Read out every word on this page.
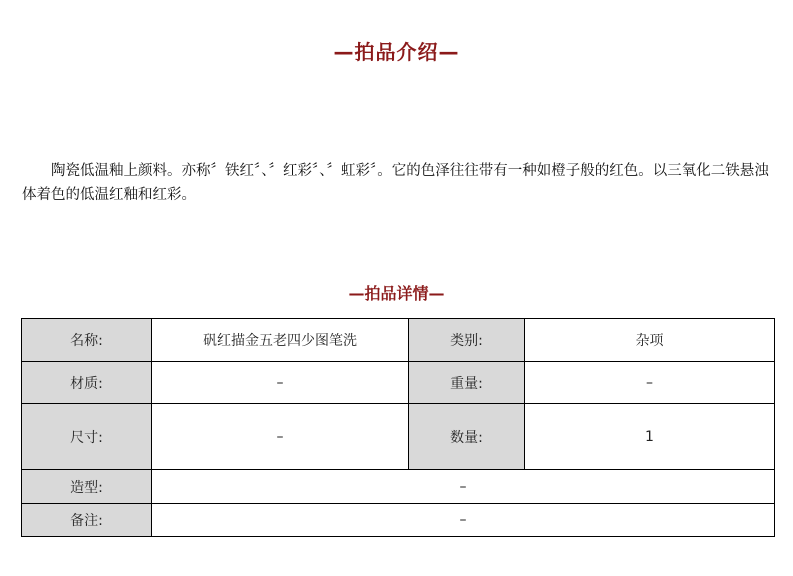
—拍品介绍—

陶瓷低温釉上颜料。亦称〞铁红〞、〞红彩〞、〞虹彩〞。它的色泽往往带有一种如橙子般的红色。以三氧化二铁悬浊体着色的低温红釉和红彩。

—拍品详情—
名称:	矾红描金五老四少图笔洗	类别:	杂项
材质:	–	重量:	–
尺寸:	–	数量:	1
造型:	–		
备注:	–		
